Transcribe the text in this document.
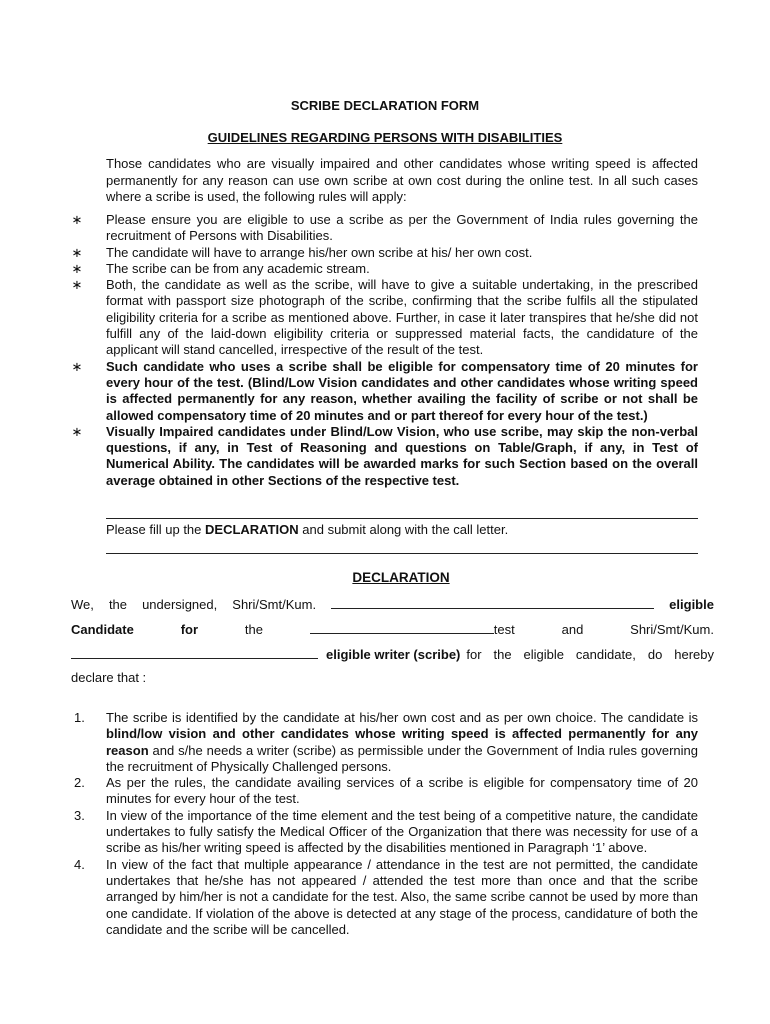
SCRIBE DECLARATION FORM
GUIDELINES REGARDING PERSONS WITH DISABILITIES
Those candidates who are visually impaired and other candidates whose writing speed is affected permanently for any reason can use own scribe at own cost during the online test. In all such cases where a scribe is used, the following rules will apply:
∗ Please ensure you are eligible to use a scribe as per the Government of India rules governing the recruitment of Persons with Disabilities.
∗ The candidate will have to arrange his/her own scribe at his/ her own cost.
∗ The scribe can be from any academic stream.
∗ Both, the candidate as well as the scribe, will have to give a suitable undertaking, in the prescribed format with passport size photograph of the scribe, confirming that the scribe fulfils all the stipulated eligibility criteria for a scribe as mentioned above. Further, in case it later transpires that he/she did not fulfill any of the laid-down eligibility criteria or suppressed material facts, the candidature of the applicant will stand cancelled, irrespective of the result of the test.
∗ Such candidate who uses a scribe shall be eligible for compensatory time of 20 minutes for every hour of the test. (Blind/Low Vision candidates and other candidates whose writing speed is affected permanently for any reason, whether availing the facility of scribe or not shall be allowed compensatory time of 20 minutes and or part thereof for every hour of the test.)
∗ Visually Impaired candidates under Blind/Low Vision, who use scribe, may skip the non-verbal questions, if any, in Test of Reasoning and questions on Table/Graph, if any, in Test of Numerical Ability. The candidates will be awarded marks for such Section based on the overall average obtained in other Sections of the respective test.
Please fill up the DECLARATION and submit along with the call letter.
DECLARATION
We, the undersigned, Shri/Smt/Kum.	eligible
Candidate	for	the	test	and	Shri/Smt/Kum.
eligible writer (scribe) for the eligible candidate, do hereby
declare that :
1.	The scribe is identified by the candidate at his/her own cost and as per own choice. The candidate is blind/low vision and other candidates whose writing speed is affected permanently for any reason and s/he needs a writer (scribe) as permissible under the Government of India rules governing the recruitment of Physically Challenged persons.
2.	As per the rules, the candidate availing services of a scribe is eligible for compensatory time of 20 minutes for every hour of the test.
3.	In view of the importance of the time element and the test being of a competitive nature, the candidate undertakes to fully satisfy the Medical Officer of the Organization that there was necessity for use of a scribe as his/her writing speed is affected by the disabilities mentioned in Paragraph ‘1’ above.
4.	In view of the fact that multiple appearance / attendance in the test are not permitted, the candidate undertakes that he/she has not appeared / attended the test more than once and that the scribe arranged by him/her is not a candidate for the test. Also, the same scribe cannot be used by more than one candidate. If violation of the above is detected at any stage of the process, candidature of both the candidate and the scribe will be cancelled.
